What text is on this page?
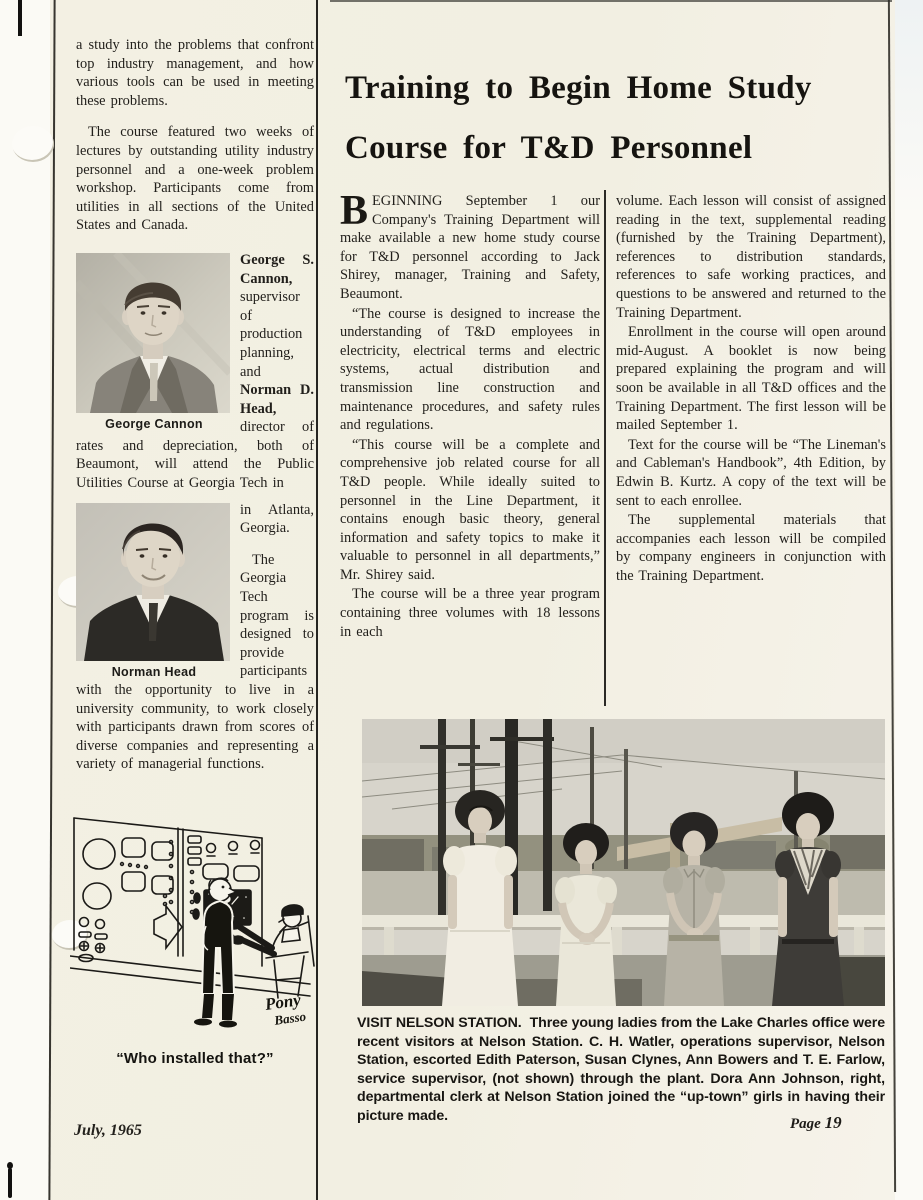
a study into the problems that confront top industry management, and how various tools can be used in meeting these problems.

The course featured two weeks of lectures by outstanding utility industry personnel and a one-week problem workshop. Participants come from utilities in all sections of the United States and Canada.

George Cannon

George S. Cannon, supervisor of production planning, and Norman D. Head, director of rates and depreciation, both of Beaumont, will attend the Public Utilities Course at Georgia Tech in

Norman Head

in Atlanta, Georgia.

The Georgia Tech program is designed to provide participants with the opportunity to live in a university community, to work closely with participants drawn from scores of diverse companies and representing a variety of managerial functions.

Pony
Basso
“Who installed that?”
Training to Begin Home Study
Course for T&D Personnel

BEGINNING September 1 our Company's Training Department will make available a new home study course for T&D personnel according to Jack Shirey, manager, Training and Safety, Beaumont.

“The course is designed to increase the understanding of T&D employees in electricity, electrical terms and electric systems, actual distribution and transmission line construction and maintenance procedures, and safety rules and regulations.

“This course will be a complete and comprehensive job related course for all T&D people. While ideally suited to personnel in the Line Department, it contains enough basic theory, general information and safety topics to make it valuable to personnel in all departments,” Mr. Shirey said.

The course will be a three year program containing three volumes with 18 lessons in each

volume. Each lesson will consist of assigned reading in the text, supplemental reading (furnished by the Training Department), references to distribution standards, references to safe working practices, and questions to be answered and returned to the Training Department.

Enrollment in the course will open around mid-August. A booklet is now being prepared explaining the program and will soon be available in all T&D offices and the Training Department. The first lesson will be mailed September 1.

Text for the course will be “The Lineman's and Cableman's Handbook”, 4th Edition, by Edwin B. Kurtz. A copy of the text will be sent to each enrollee.

The supplemental materials that accompanies each lesson will be compiled by company engineers in conjunction with the Training Department.

VISIT NELSON STATION. Three young ladies from the Lake Charles office were recent visitors at Nelson Station. C. H. Watler, operations supervisor, Nelson Station, escorted Edith Paterson, Susan Clynes, Ann Bowers and T. E. Farlow, service supervisor, (not shown) through the plant. Dora Ann Johnson, right, departmental clerk at Nelson Station joined the “up-town” girls in having their picture made.
July, 1965	Page 19
